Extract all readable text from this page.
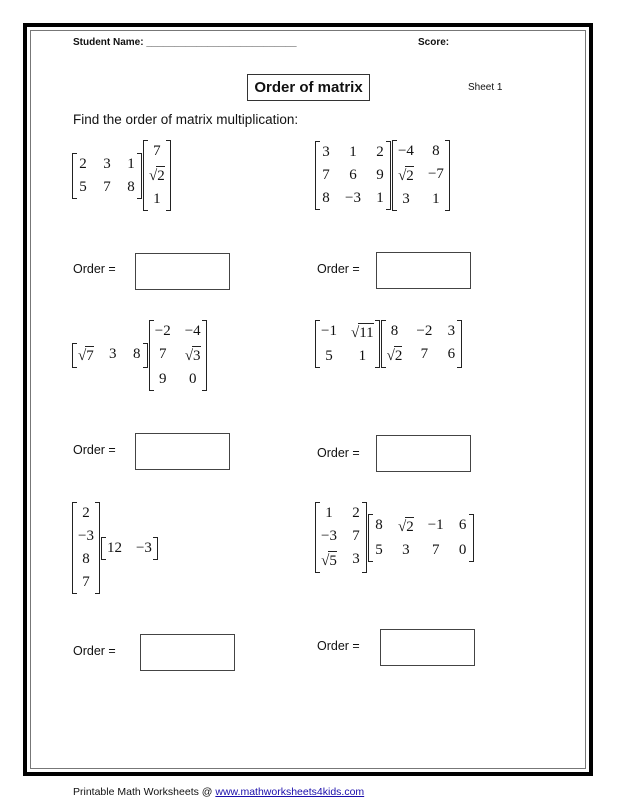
Student Name: ___________________________	Score:
Order of matrix	Sheet 1
Find the order of matrix multiplication:
2 3 1
5 7 8
7
√2
1
3 1 2
7 6 9
8 −3 1
−4 8
√2 −7
3 1
√7 3 8
−2 −4
7 √3
9 0
−1 √11
5	1
8 −2 3
√2 7 6
2
−3
8
7
12 −3
1 2
−3 7
√5 3
8 √2 −1 6
5 3 7 0
Order =	Order =
Order =	Order =
Order =	Order =
Printable Math Worksheets @ www.mathworksheets4kids.com
